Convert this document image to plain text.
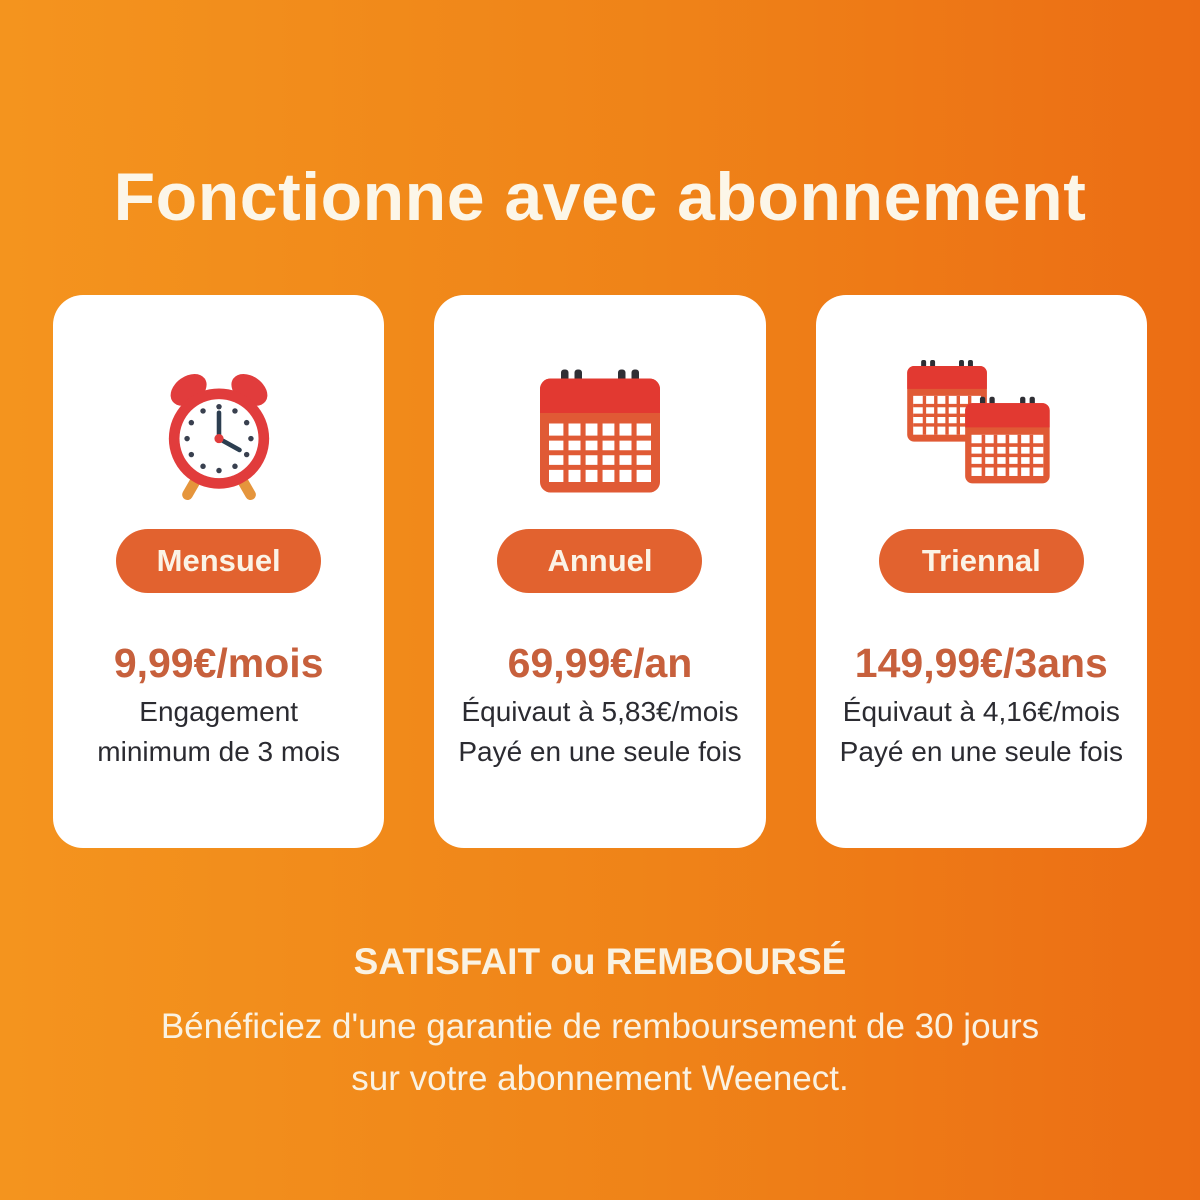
Fonctionne avec abonnement
Mensuel
9,99€/mois
Engagement
minimum de 3 mois
Annuel
69,99€/an
Équivaut à 5,83€/mois
Payé en une seule fois
Triennal
149,99€/3ans
Équivaut à 4,16€/mois
Payé en une seule fois
SATISFAIT ou REMBOURSÉ
Bénéficiez d'une garantie de remboursement de 30 jours
sur votre abonnement Weenect.
